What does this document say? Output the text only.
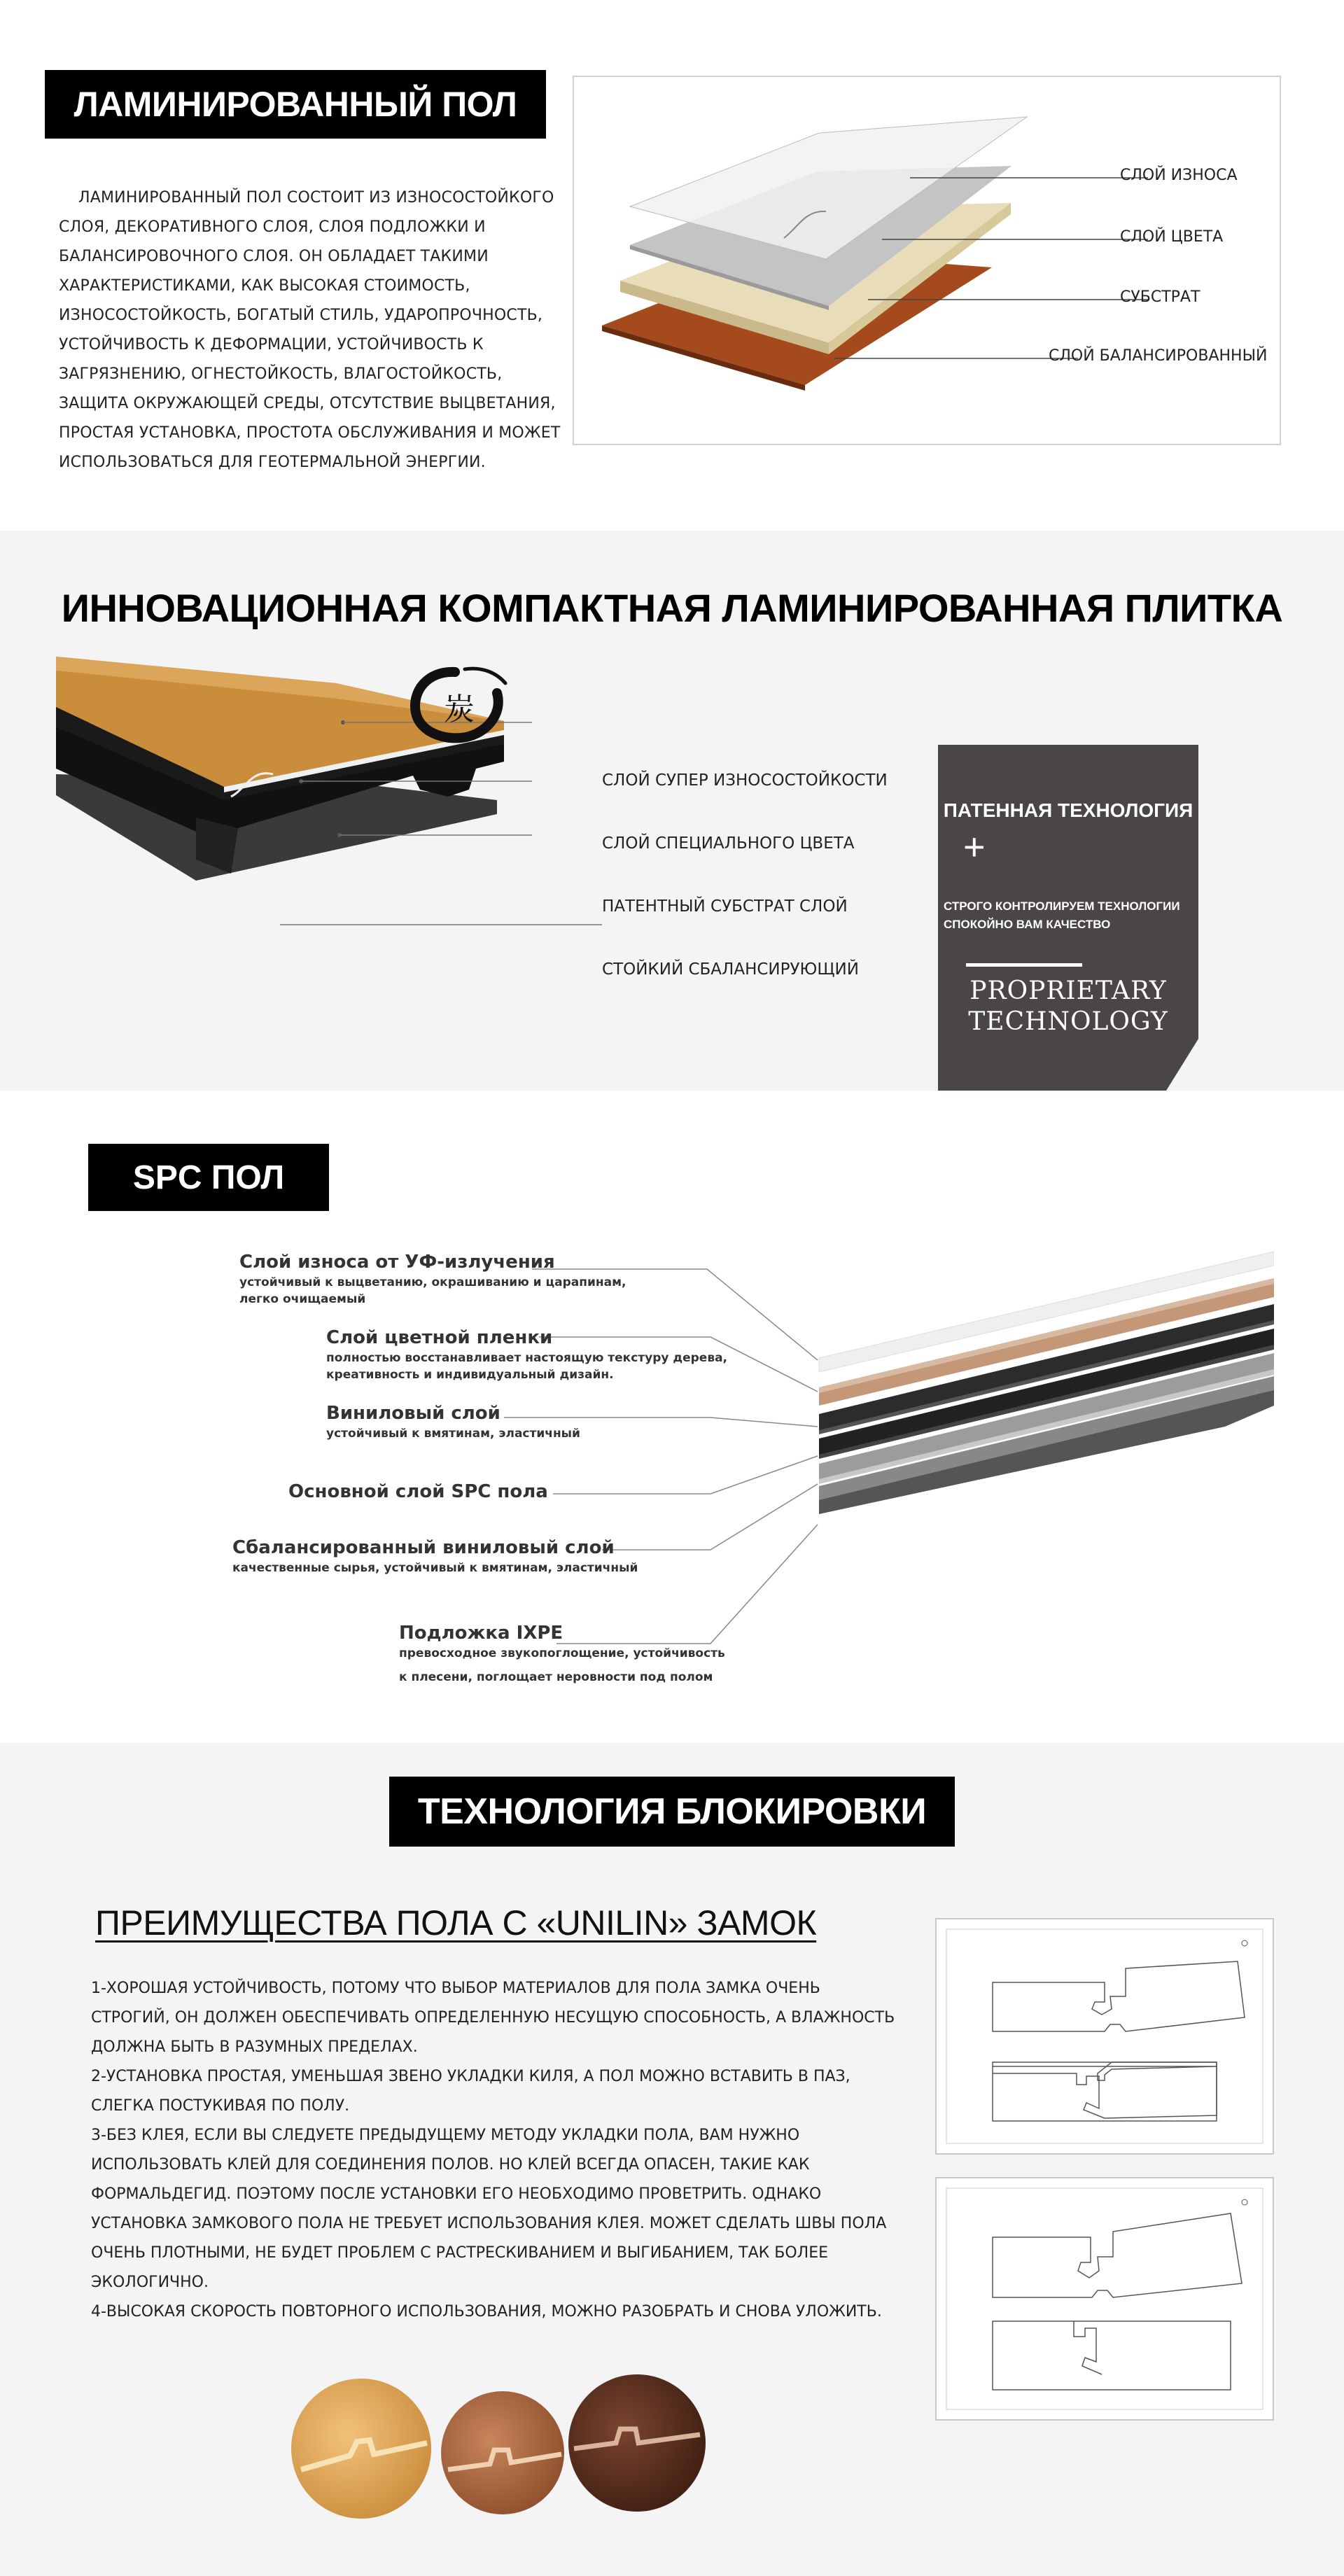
ЛАМИНИРОВАННЫЙ ПОЛ
ЛАМИНИРОВАННЫЙ ПОЛ СОСТОИТ ИЗ ИЗНОСОСТОЙКОГО СЛОЯ, ДЕКОРАТИВНОГО СЛОЯ, СЛОЯ ПОДЛОЖКИ И БАЛАНСИРОВОЧНОГО СЛОЯ. ОН ОБЛАДАЕТ ТАКИМИ ХАРАКТЕРИСТИКАМИ, КАК ВЫСОКАЯ СТОИМОСТЬ, ИЗНОСОСТОЙКОСТЬ, БОГАТЫЙ СТИЛЬ, УДАРОПРОЧНОСТЬ, УСТОЙЧИВОСТЬ К ДЕФОРМАЦИИ, УСТОЙЧИВОСТЬ К ЗАГРЯЗНЕНИЮ, ОГНЕСТОЙКОСТЬ, ВЛАГОСТОЙКОСТЬ, ЗАЩИТА ОКРУЖАЮЩЕЙ СРЕДЫ, ОТСУТСТВИЕ ВЫЦВЕТАНИЯ, ПРОСТАЯ УСТАНОВКА, ПРОСТОТА ОБСЛУЖИВАНИЯ И МОЖЕТ ИСПОЛЬЗОВАТЬСЯ ДЛЯ ГЕОТЕРМАЛЬНОЙ ЭНЕРГИИ.
СЛОЙ ИЗНОСА
СЛОЙ ЦВЕТА
СУБСТРАТ
СЛОЙ БАЛАНСИРОВАННЫЙ
ИННОВАЦИОННАЯ КОМПАКТНАЯ ЛАМИНИРОВАННАЯ ПЛИТКА
炭
СЛОЙ СУПЕР ИЗНОСОСТОЙКОСТИ
СЛОЙ СПЕЦИАЛЬНОГО ЦВЕТА
ПАТЕНТНЫЙ СУБСТРАТ СЛОЙ
СТОЙКИЙ СБАЛАНСИРУЮЩИЙ
ПАТЕННАЯ ТЕХНОЛОГИЯ
+
СТРОГО КОНТРОЛИРУЕМ ТЕХНОЛОГИИ
СПОКОЙНО ВАМ КАЧЕСТВО
PROPRIETARY
TECHNOLOGY
SPC ПОЛ
Слой износа от УФ-излучения
устойчивый к выцветанию, окрашиванию и царапинам,
легко очищаемый
Слой цветной пленки
полностью восстанавливает настоящую текстуру дерева,
креативность и индивидуальный дизайн.
Виниловый слой
устойчивый к вмятинам, эластичный
Основной слой SPC пола
Сбалансированный виниловый слой
качественные сырья, устойчивый к вмятинам, эластичный
Подложка IXPE
превосходное звукопоглощение, устойчивость
к плесени, поглощает неровности под полом
ТЕХНОЛОГИЯ БЛОКИРОВКИ
ПРЕИМУЩЕСТВА ПОЛА С «UNILIN» ЗАМОК

1-ХОРОШАЯ УСТОЙЧИВОСТЬ, ПОТОМУ ЧТО ВЫБОР МАТЕРИАЛОВ ДЛЯ ПОЛА ЗАМКА ОЧЕНЬ СТРОГИЙ, ОН ДОЛЖЕН ОБЕСПЕЧИВАТЬ ОПРЕДЕЛЕННУЮ НЕСУЩУЮ СПОСОБНОСТЬ, А ВЛАЖНОСТЬ ДОЛЖНА БЫТЬ В РАЗУМНЫХ ПРЕДЕЛАХ.

2-УСТАНОВКА ПРОСТАЯ, УМЕНЬШАЯ ЗВЕНО УКЛАДКИ КИЛЯ, А ПОЛ МОЖНО ВСТАВИТЬ В ПАЗ, СЛЕГКА ПОСТУКИВАЯ ПО ПОЛУ.

3-БЕЗ КЛЕЯ, ЕСЛИ ВЫ СЛЕДУЕТЕ ПРЕДЫДУЩЕМУ МЕТОДУ УКЛАДКИ ПОЛА, ВАМ НУЖНО ИСПОЛЬЗОВАТЬ КЛЕЙ ДЛЯ СОЕДИНЕНИЯ ПОЛОВ. НО КЛЕЙ ВСЕГДА ОПАСЕН, ТАКИЕ КАК ФОРМАЛЬДЕГИД. ПОЭТОМУ ПОСЛЕ УСТАНОВКИ ЕГО НЕОБХОДИМО ПРОВЕТРИТЬ. ОДНАКО УСТАНОВКА ЗАМКОВОГО ПОЛА НЕ ТРЕБУЕТ ИСПОЛЬЗОВАНИЯ КЛЕЯ. МОЖЕТ СДЕЛАТЬ ШВЫ ПОЛА ОЧЕНЬ ПЛОТНЫМИ, НЕ БУДЕТ ПРОБЛЕМ С РАСТРЕСКИВАНИЕМ И ВЫГИБАНИЕМ, ТАК БОЛЕЕ ЭКОЛОГИЧНО.

4-ВЫСОКАЯ СКОРОСТЬ ПОВТОРНОГО ИСПОЛЬЗОВАНИЯ, МОЖНО РАЗОБРАТЬ И СНОВА УЛОЖИТЬ.
